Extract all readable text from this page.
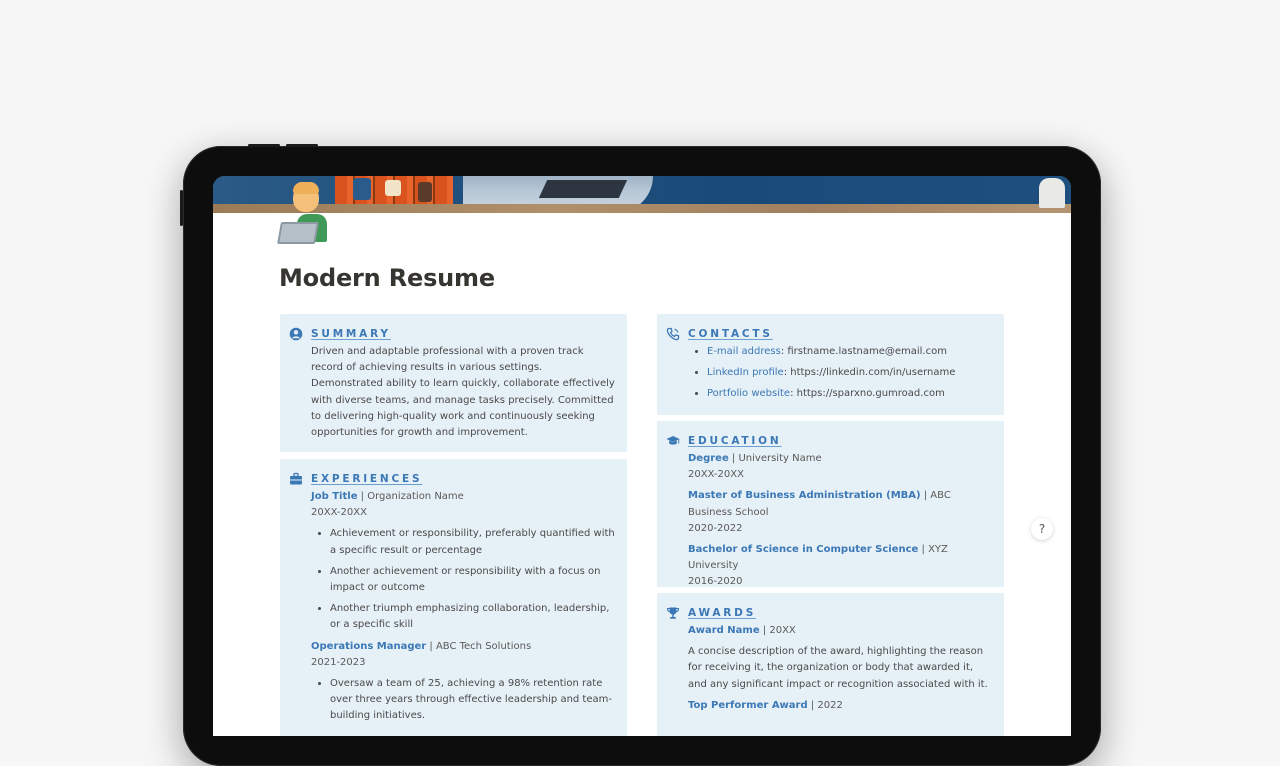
Modern Resume
SUMMARY

Driven and adaptable professional with a proven track record of achieving results in various settings. Demonstrated ability to learn quickly, collaborate effectively with diverse teams, and manage tasks precisely. Committed to delivering high-quality work and continuously seeking opportunities for growth and improvement.

EXPERIENCES

Job Title | Organization Name

20XX-20XX

• Achievement or responsibility, preferably quantified with a specific result or percentage
• Another achievement or responsibility with a focus on impact or outcome
• Another triumph emphasizing collaboration, leadership, or a specific skill

Operations Manager | ABC Tech Solutions

2021-2023

• Oversaw a team of 25, achieving a 98% retention rate over three years through effective leadership and team-building initiatives.
CONTACTS
• E-mail address: firstname.lastname@email.com
• LinkedIn profile: https://linkedin.com/in/username
• Portfolio website: https://sparxno.gumroad.com
EDUCATION

Degree | University Name

20XX-20XX

Master of Business Administration (MBA) | ABC Business School

2020-2022

Bachelor of Science in Computer Science | XYZ University

2016-2020

AWARDS

Award Name | 20XX

A concise description of the award, highlighting the reason for receiving it, the organization or body that awarded it, and any significant impact or recognition associated with it.

Top Performer Award | 2022

?
